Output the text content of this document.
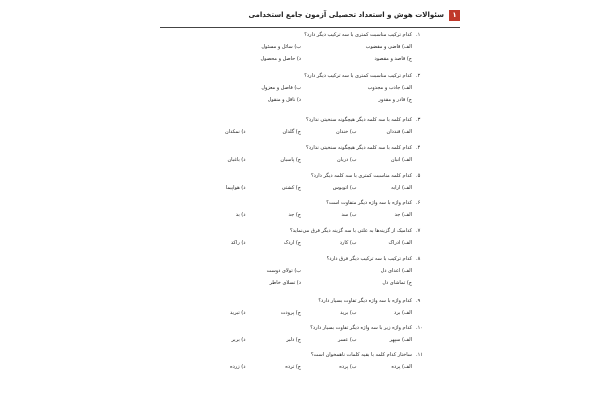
۱
سئوالات هوش و استعداد تحصیلی آزمون جامع استخدامی
۱.
کدام ترکیب مناسبت کمتری با سه ترکیب دیگر دارد؟
الف) قاضی و مقضوب
ب) سائل و مسئول
ج) قاصد و مقصود
د) حاصل و محصول
۲.
کدام ترکیب مناسبت کمتری با سه ترکیب دیگر دارد؟
الف) جاذب و مجذوب
ب) فاصل و معزول
ج) قادر و مقدور
د) ناقل و منقول
۳.
کدام کلمه با سه کلمه دیگر هیچگونه سنخیتی ندارد؟
الف) قنددان
ب) خندان
ج) گلدان
د) نمکدان
۴.
کدام کلمه با سه کلمه دیگر هیچگونه سنخیتی ندارد؟
الف) انبان
ب) دربان
ج) پاسبان
د) باغبان
۵.
کدام کلمه مناسبت کمتری با سه کلمه دیگر دارد؟
الف) ارابه
ب) اتوبوس
ج) کشتی
د) هواپیما
۶.
کدام واژه با سه واژه دیگر متفاوت است؟
الف) جد
ب) سد
ج) جد
د) بد
۷.
کدامیک از گزینه‌ها به علتی با سه گزینه دیگر فرق می‌نماید؟
الف) ادراک
ب) کارد
ج) اردک
د) راکد
۸.
کدام ترکیب با سه ترکیب دیگر فرق دارد؟
الف) اعدای دل
ب) تولای دوست
ج) تماشای دل
د) تسلای خاطر
۹.
کدام واژه با سه واژه دیگر تفاوت بسیار دارد؟
الف) برد
ب) برید
ج) پرودت
د) تبرید
۱۰.
کدام واژه زیر با سه واژه دیگر تفاوت بسیار دارد؟
الف) سپهر
ب) عسر
ج) دلبر
د) بربر
۱۱.
ساختار کدام کلمه با بقیه کلمات ناهمخوان است؟
الف) پرده
ب) پرده
ج) ترده
د) زرده
